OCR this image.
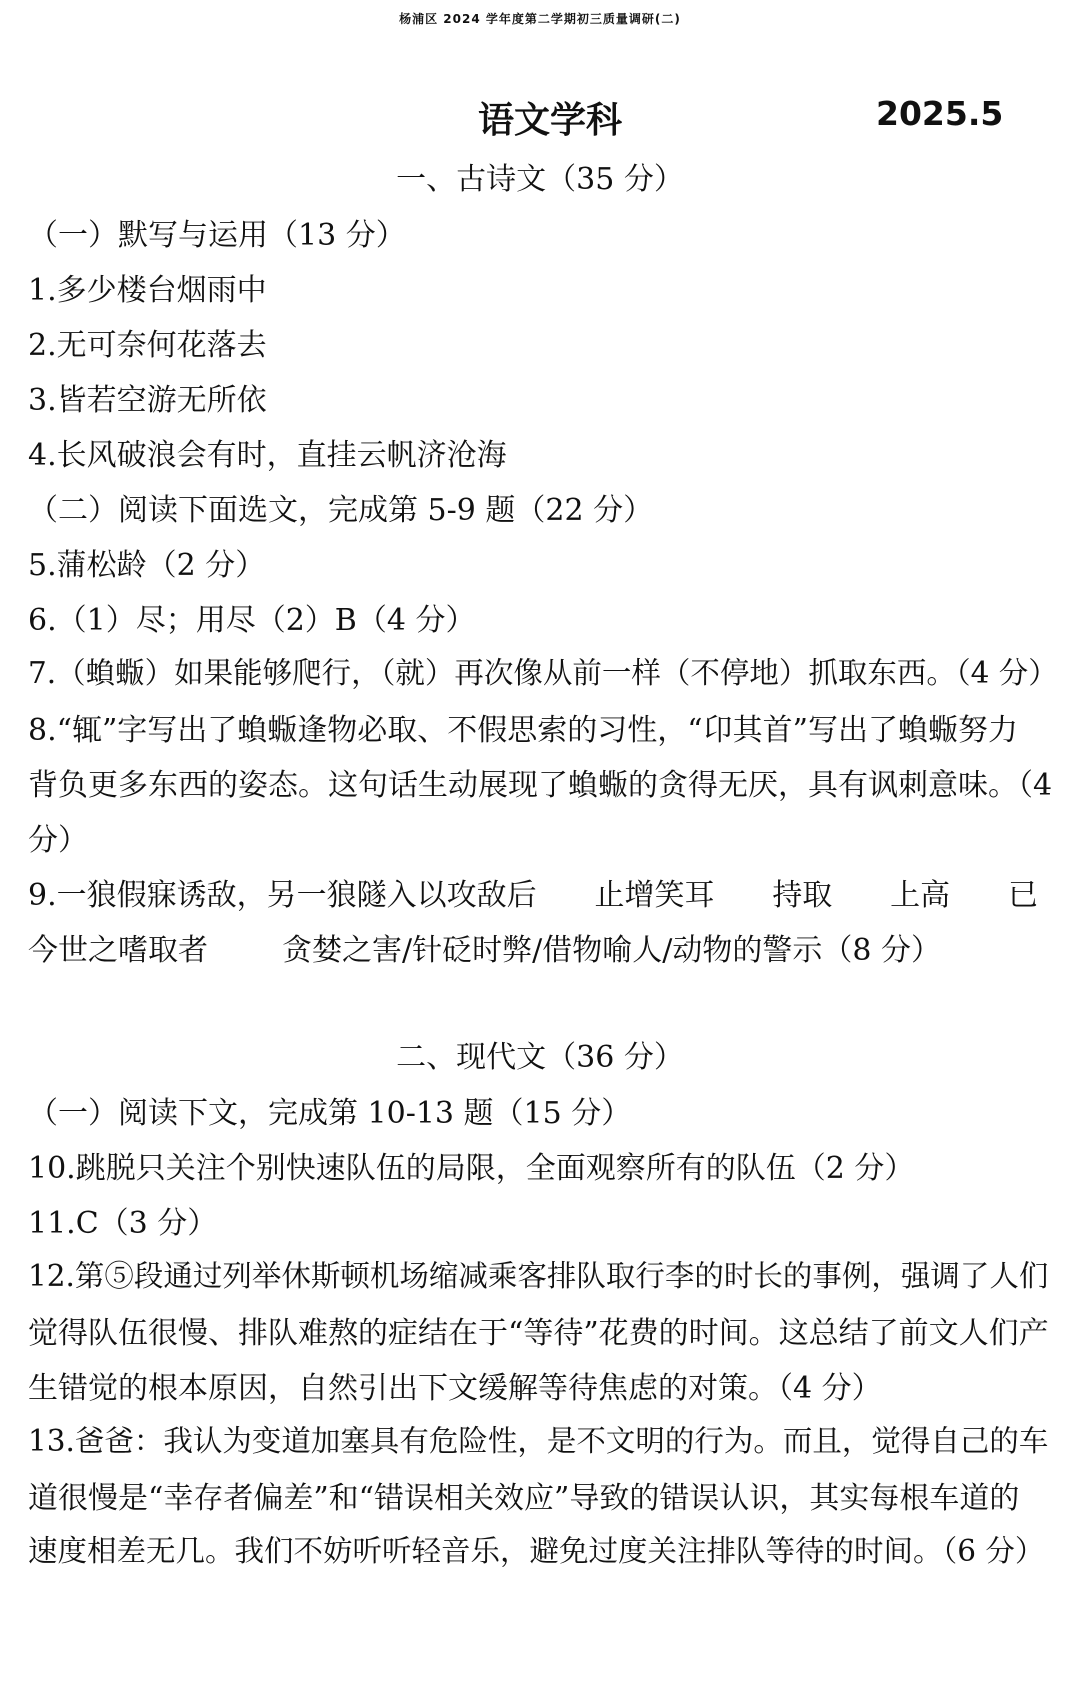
杨浦区 2024 学年度第二学期初三质量调研(二)
语文学科	2025.5
一、古诗文（35 分）
（一）默写与运用（13 分）
1.多少楼台烟雨中
2.无可奈何花落去
3.皆若空游无所依
4.长风破浪会有时，直挂云帆济沧海
（二）阅读下面选文，完成第 5-9 题（22 分）
5.蒲松龄（2 分）
6.（1）尽；用尽（2）B（4 分）
7.（蝜蝂）如果能够爬行，（就）再次像从前一样（不停地）抓取东西。（4 分）
8.“辄”字写出了蝜蝂逢物必取、不假思索的习性，“卬其首”写出了蝜蝂努力
背负更多东西的姿态。这句话生动展现了蝜蝂的贪得无厌，具有讽刺意味。（4
分）
9.一狼假寐诱敌，另一狼隧入以攻敌后 止增笑耳 持取 上高 已
今世之嗜取者 贪婪之害/针砭时弊/借物喻人/动物的警示（8 分）
二、现代文（36 分）
（一）阅读下文，完成第 10-13 题（15 分）
10.跳脱只关注个别快速队伍的局限，全面观察所有的队伍（2 分）
11.C（3 分）
12.第⑤段通过列举休斯顿机场缩减乘客排队取行李的时长的事例，强调了人们
觉得队伍很慢、排队难熬的症结在于“等待”花费的时间。这总结了前文人们产
生错觉的根本原因，自然引出下文缓解等待焦虑的对策。（4 分）
13.爸爸：我认为变道加塞具有危险性，是不文明的行为。而且，觉得自己的车
道很慢是“幸存者偏差”和“错误相关效应”导致的错误认识，其实每根车道的
速度相差无几。我们不妨听听轻音乐，避免过度关注排队等待的时间。（6 分）
